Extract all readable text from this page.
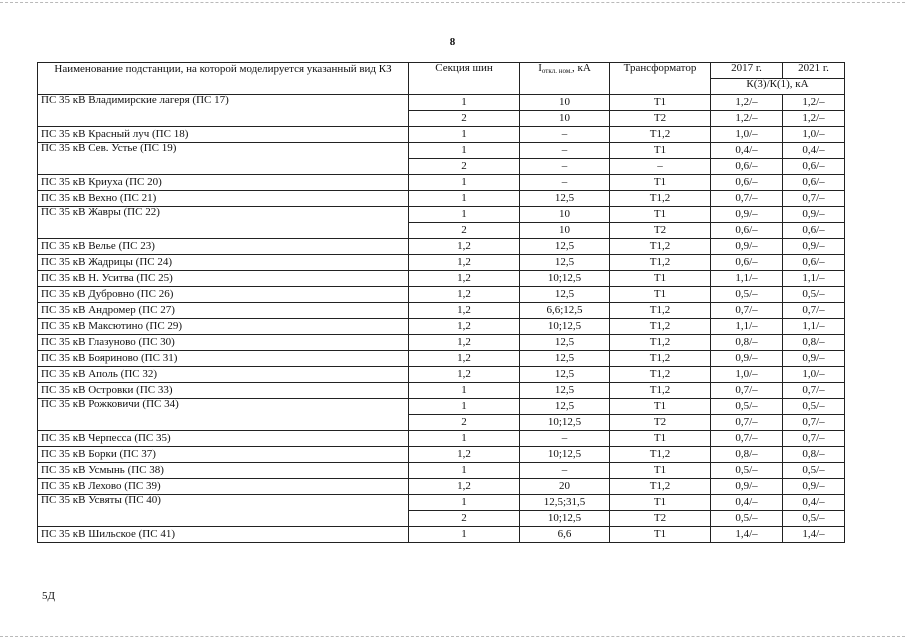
8
Наименование подстанции, на которой моделируется указанный вид КЗ	Секция шин	$I_{откл. ном.}$, кА	Трансформатор	2017 г.	2021 г.
				К(3)/К(1), кА	
ПС 35 кВ Владимирские лагеря (ПС 17)	1	10	Т1	1,2/–	1,2/–
	2	10	Т2	1,2/–	1,2/–
ПС 35 кВ Красный луч (ПС 18)	1	–	Т1,2	1,0/–	1,0/–
ПС 35 кВ Сев. Устье (ПС 19)	1	–	Т1	0,4/–	0,4/–
	2	–	–	0,6/–	0,6/–
ПС 35 кВ Криуха (ПС 20)	1	–	Т1	0,6/–	0,6/–
ПС 35 кВ Вехно (ПС 21)	1	12,5	Т1,2	0,7/–	0,7/–
ПС 35 кВ Жавры (ПС 22)	1	10	Т1	0,9/–	0,9/–
	2	10	Т2	0,6/–	0,6/–
ПС 35 кВ Велье (ПС 23)	1,2	12,5	Т1,2	0,9/–	0,9/–
ПС 35 кВ Жадрицы (ПС 24)	1,2	12,5	Т1,2	0,6/–	0,6/–
ПС 35 кВ Н. Уситва (ПС 25)	1,2	10;12,5	Т1	1,1/–	1,1/–
ПС 35 кВ Дубровно (ПС 26)	1,2	12,5	Т1	0,5/–	0,5/–
ПС 35 кВ Андромер (ПС 27)	1,2	6,6;12,5	Т1,2	0,7/–	0,7/–
ПС 35 кВ Максютино (ПС 29)	1,2	10;12,5	Т1,2	1,1/–	1,1/–
ПС 35 кВ Глазуново (ПС 30)	1,2	12,5	Т1,2	0,8/–	0,8/–
ПС 35 кВ Бояриново (ПС 31)	1,2	12,5	Т1,2	0,9/–	0,9/–
ПС 35 кВ Аполь (ПС 32)	1,2	12,5	Т1,2	1,0/–	1,0/–
ПС 35 кВ Островки (ПС 33)	1	12,5	Т1,2	0,7/–	0,7/–
ПС 35 кВ Рожковичи (ПС 34)	1	12,5	Т1	0,5/–	0,5/–
	2	10;12,5	Т2	0,7/–	0,7/–
ПС 35 кВ Черпесса (ПС 35)	1	–	Т1	0,7/–	0,7/–
ПС 35 кВ Борки (ПС 37)	1,2	10;12,5	Т1,2	0,8/–	0,8/–
ПС 35 кВ Усмынь (ПС 38)	1	–	Т1	0,5/–	0,5/–
ПС 35 кВ Лехово (ПС 39)	1,2	20	Т1,2	0,9/–	0,9/–
ПС 35 кВ Усвяты (ПС 40)	1	12,5;31,5	Т1	0,4/–	0,4/–
	2	10;12,5	Т2	0,5/–	0,5/–
ПС 35 кВ Шильское (ПС 41)	1	6,6	Т1	1,4/–	1,4/–
5Д
